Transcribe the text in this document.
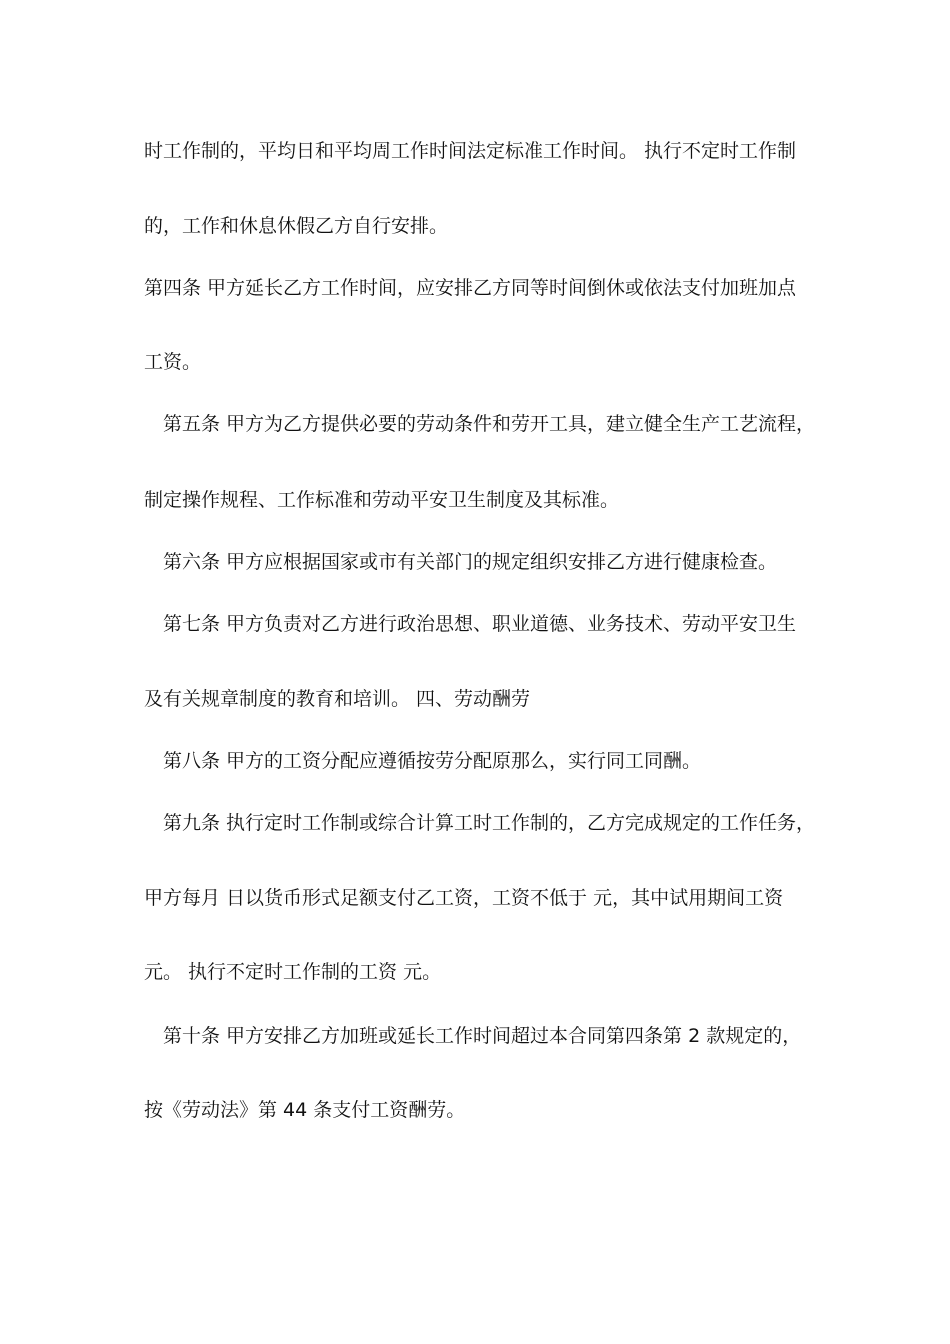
时工作制的，平均日和平均周工作时间法定标准工作时间。 执行不定时工作制
的，工作和休息休假乙方自行安排。
第四条 甲方延长乙方工作时间，应安排乙方同等时间倒休或依法支付加班加点
工资。
第五条 甲方为乙方提供必要的劳动条件和劳开工具，建立健全生产工艺流程，
制定操作规程、工作标准和劳动平安卫生制度及其标准。
第六条 甲方应根据国家或市有关部门的规定组织安排乙方进行健康检查。
第七条 甲方负责对乙方进行政治思想、职业道德、业务技术、劳动平安卫生
及有关规章制度的教育和培训。 四、劳动酬劳
第八条 甲方的工资分配应遵循按劳分配原那么，实行同工同酬。
第九条 执行定时工作制或综合计算工时工作制的，乙方完成规定的工作任务，
甲方每月 日以货币形式足额支付乙工资，工资不低于 元，其中试用期间工资
元。 执行不定时工作制的工资 元。
第十条 甲方安排乙方加班或延长工作时间超过本合同第四条第 2 款规定的，
按《劳动法》第 44 条支付工资酬劳。
